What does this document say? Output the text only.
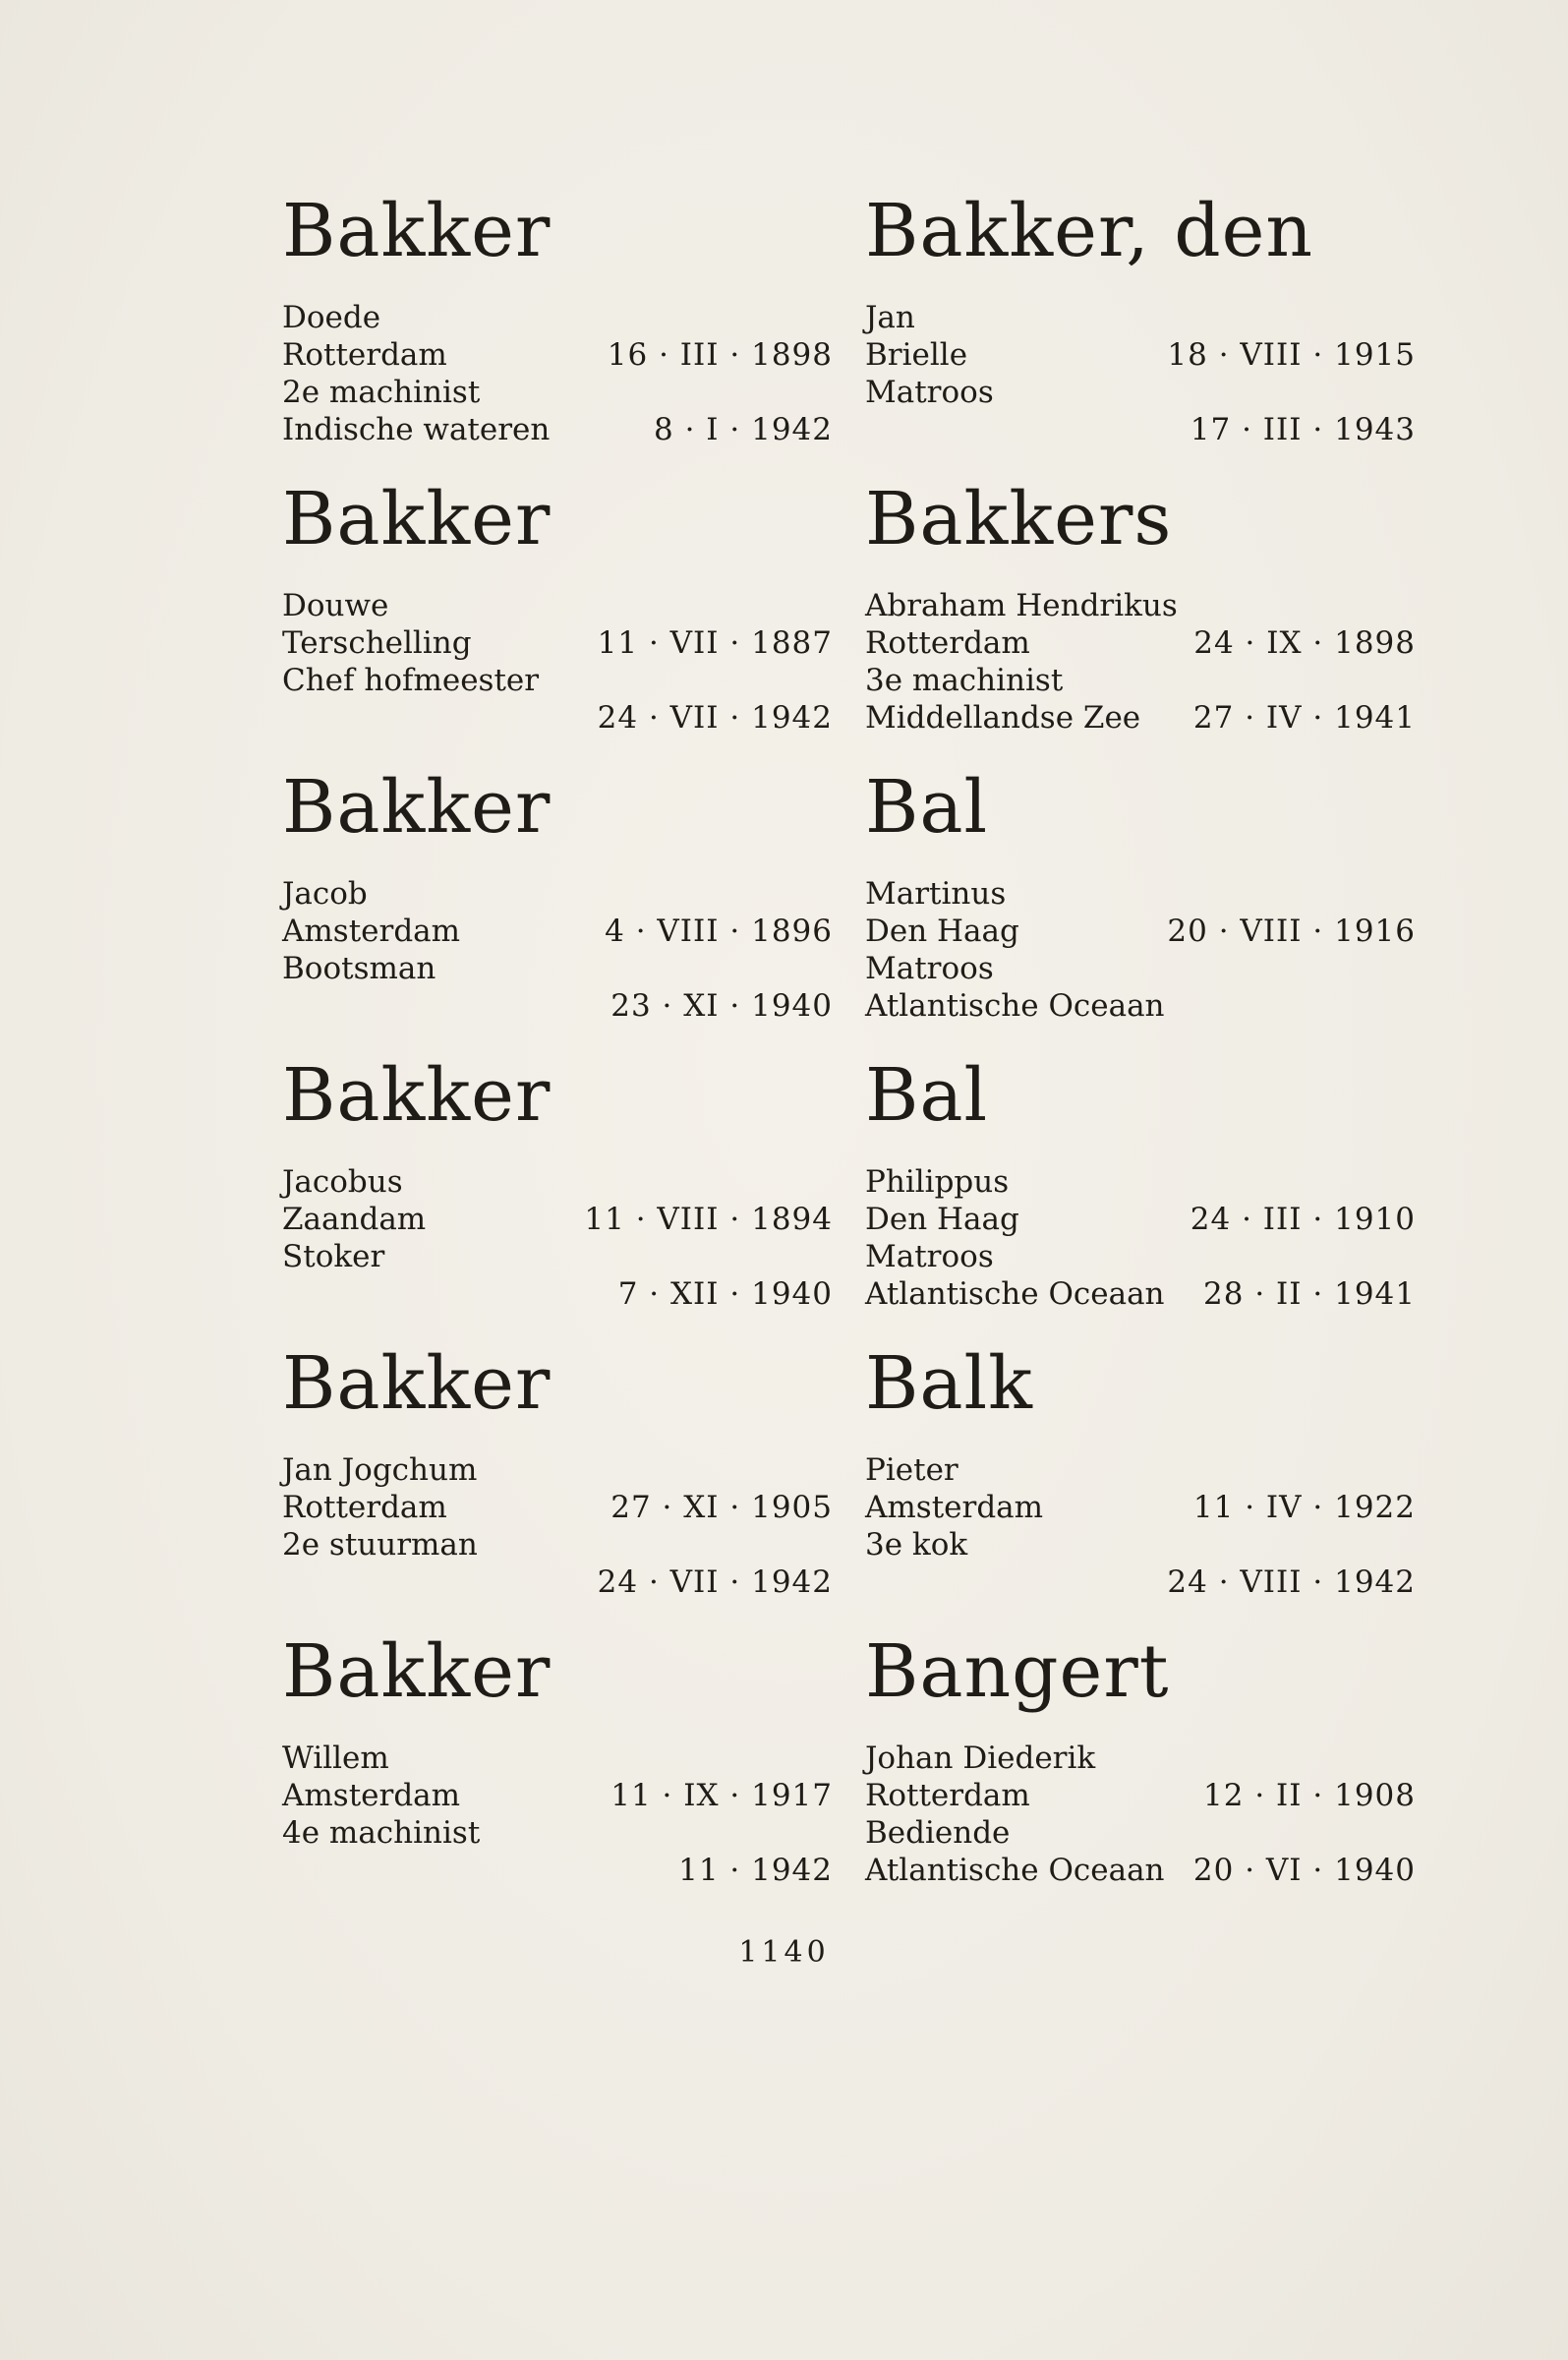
Bakker
Doede
Rotterdam	16 · III · 1898
2e machinist
Indische wateren	8 · I · 1942
Bakker
Douwe
Terschelling	11 · VII · 1887
Chef hofmeester
24 · VII · 1942
Bakker
Jacob
Amsterdam	4 · VIII · 1896
Bootsman
23 · XI · 1940
Bakker
Jacobus
Zaandam	11 · VIII · 1894
Stoker
7 · XII · 1940
Bakker
Jan Jogchum
Rotterdam	27 · XI · 1905
2e stuurman
24 · VII · 1942
Bakker
Willem
Amsterdam	11 · IX · 1917
4e machinist
11 · 1942
Bakker, den
Jan
Brielle	18 · VIII · 1915
Matroos
17 · III · 1943
Bakkers
Abraham Hendrikus
Rotterdam	24 · IX · 1898
3e machinist
Middellandse Zee 27 · IV · 1941
Bal
Martinus
Den Haag	20 · VIII · 1916
Matroos
Atlantische Oceaan
Bal
Philippus
Den Haag	24 · III · 1910
Matroos
Atlantische Oceaan 28 · II · 1941
Balk
Pieter
Amsterdam	11 · IV · 1922
3e kok
24 · VIII · 1942
Bangert
Johan Diederik
Rotterdam	12 · II · 1908
Bediende
Atlantische Oceaan 20 · VI · 1940
1140
